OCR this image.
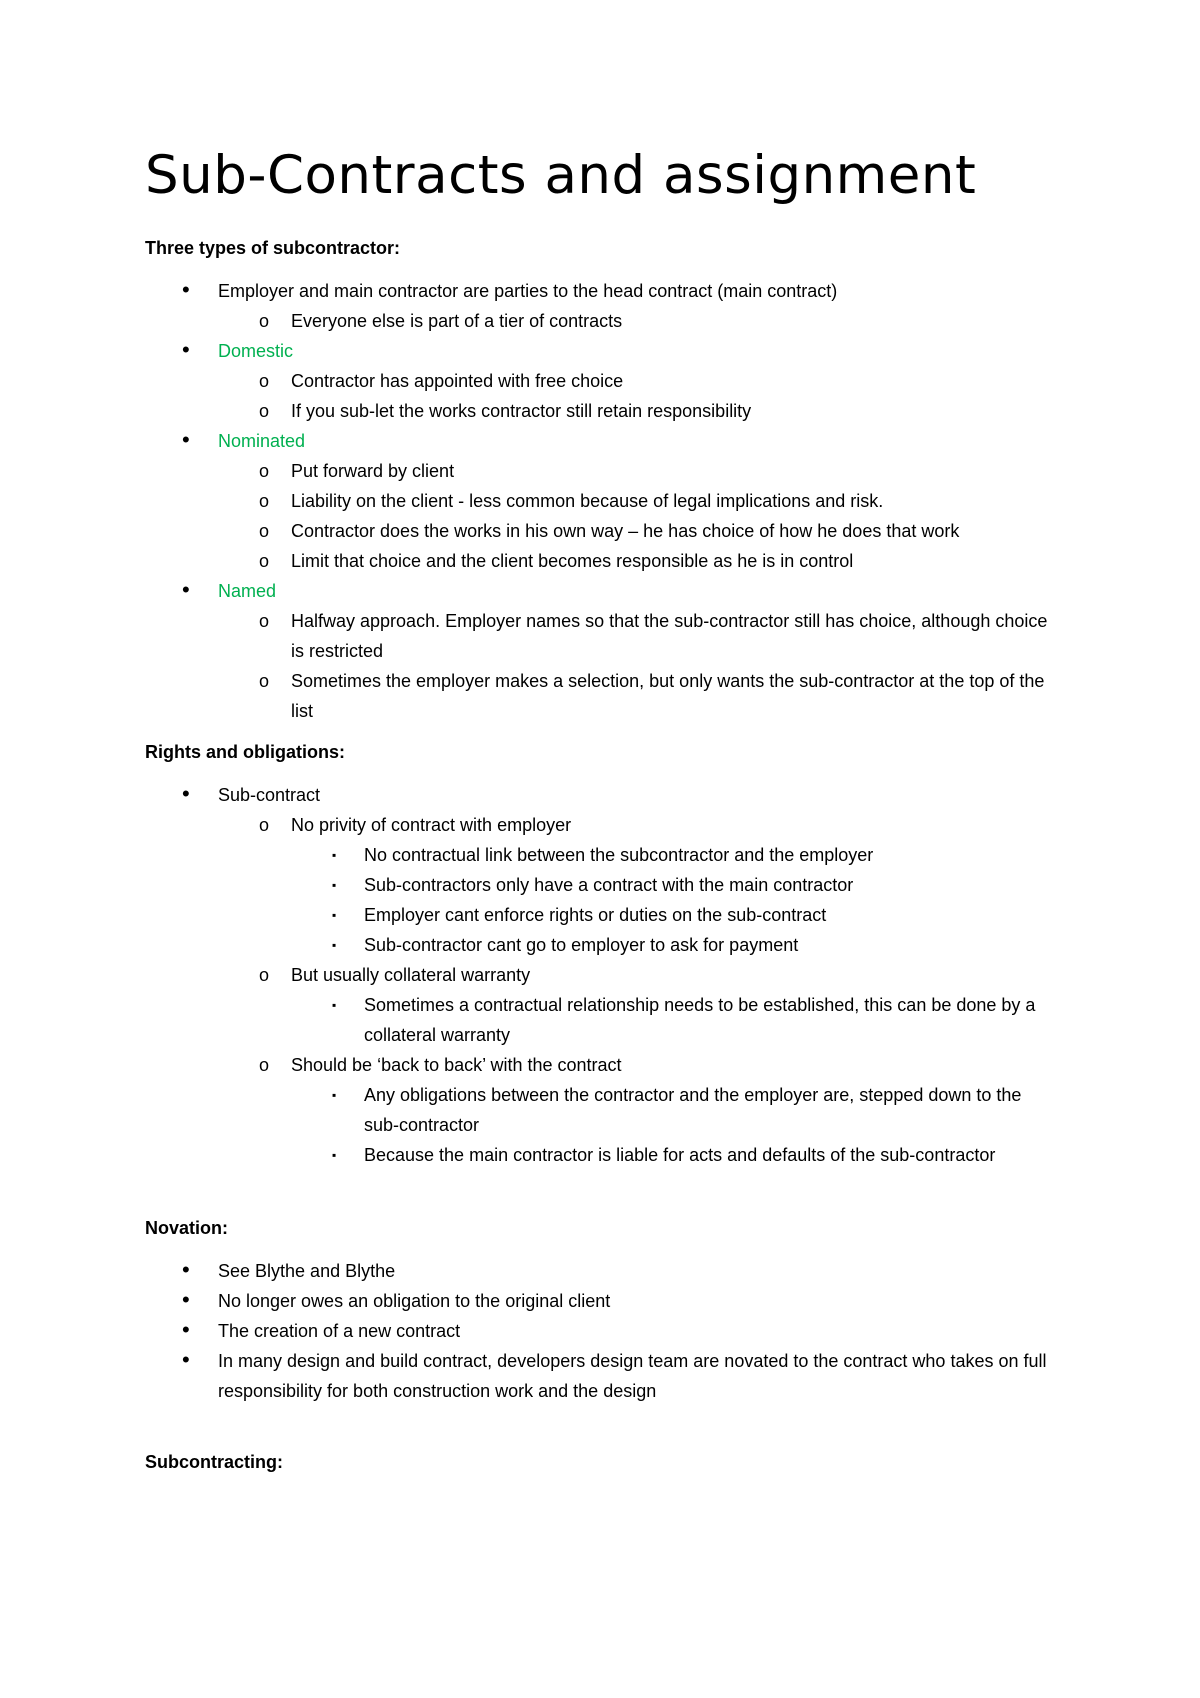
Sub-Contracts and assignment

Three types of subcontractor:

• Employer and main contractor are parties to the head contract (main contract)
o Everyone else is part of a tier of contracts
• Domestic
o Contractor has appointed with free choice
o If you sub-let the works contractor still retain responsibility
• Nominated
o Put forward by client
o Liability on the client - less common because of legal implications and risk.
o Contractor does the works in his own way – he has choice of how he does that work
o Limit that choice and the client becomes responsible as he is in control
• Named
o Halfway approach. Employer names so that the sub-contractor still has choice, although choice is restricted
o Sometimes the employer makes a selection, but only wants the sub-contractor at the top of the list

Rights and obligations:

• Sub-contract
o No privity of contract with employer
▪ No contractual link between the subcontractor and the employer
▪ Sub-contractors only have a contract with the main contractor
▪ Employer cant enforce rights or duties on the sub-contract
▪ Sub-contractor cant go to employer to ask for payment
o But usually collateral warranty
▪ Sometimes a contractual relationship needs to be established, this can be done by a collateral warranty
o Should be ‘back to back’ with the contract
▪ Any obligations between the contractor and the employer are, stepped down to the sub-contractor
▪ Because the main contractor is liable for acts and defaults of the sub-contractor

Novation:

• See Blythe and Blythe
• No longer owes an obligation to the original client
• The creation of a new contract
• In many design and build contract, developers design team are novated to the contract who takes on full responsibility for both construction work and the design

Subcontracting:
